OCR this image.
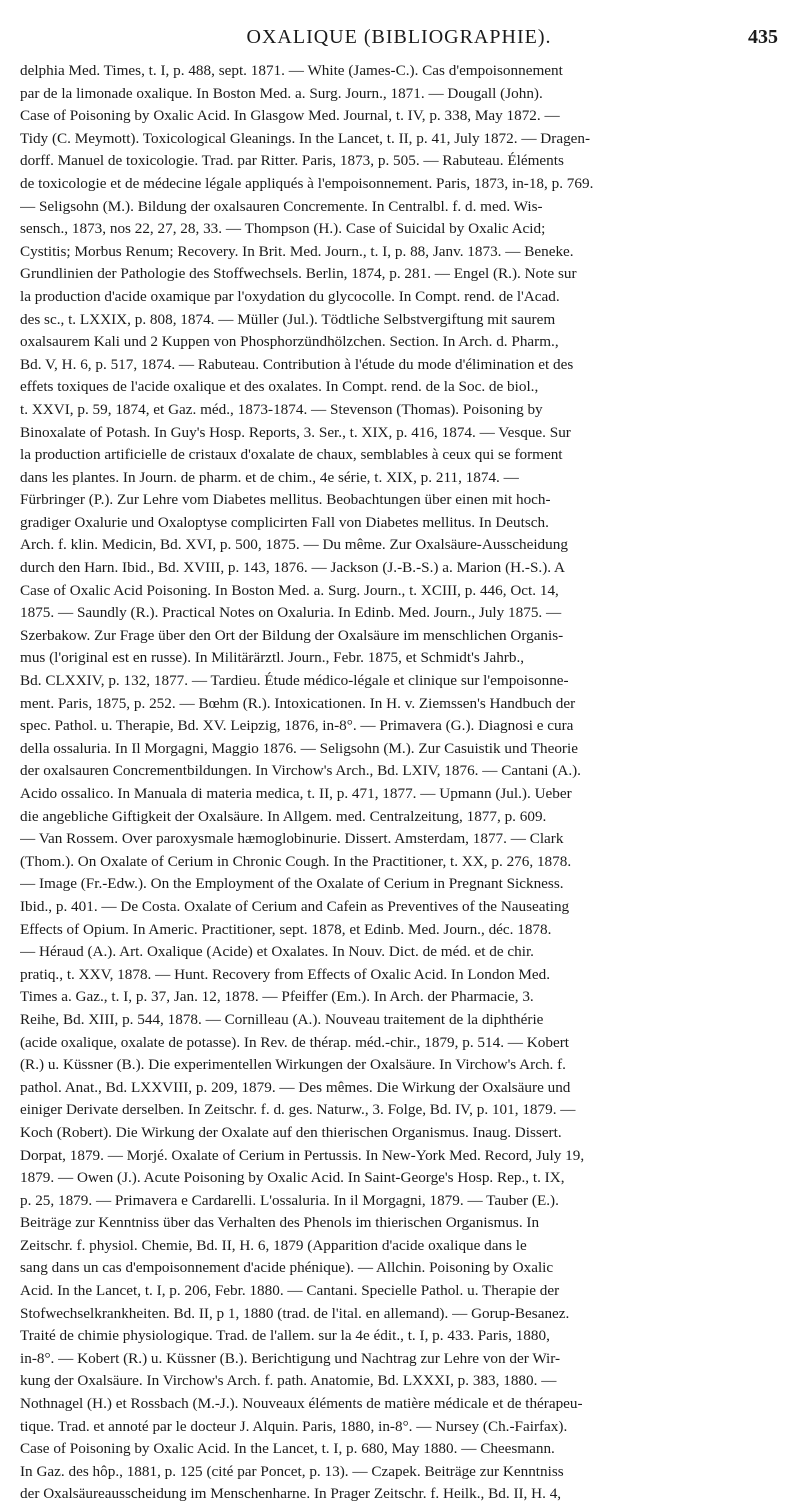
OXALIQUE (BIBLIOGRAPHIE).	435
delphia Med. Times, t. I, p. 488, sept. 1871. — White (James-C.). Cas d'empoisonnement
par de la limonade oxalique. In Boston Med. a. Surg. Journ., 1871. — Dougall (John).
Case of Poisoning by Oxalic Acid. In Glasgow Med. Journal, t. IV, p. 338, May 1872. —
Tidy (C. Meymott). Toxicological Gleanings. In the Lancet, t. II, p. 41, July 1872. — Dragen-
dorff. Manuel de toxicologie. Trad. par Ritter. Paris, 1873, p. 505. — Rabuteau. Éléments
de toxicologie et de médecine légale appliqués à l'empoisonnement. Paris, 1873, in-18, p. 769.
— Seligsohn (M.). Bildung der oxalsauren Concremente. In Centralbl. f. d. med. Wis-
sensch., 1873, nos 22, 27, 28, 33. — Thompson (H.). Case of Suicidal by Oxalic Acid;
Cystitis; Morbus Renum; Recovery. In Brit. Med. Journ., t. I, p. 88, Janv. 1873. — Beneke.
Grundlinien der Pathologie des Stoffwechsels. Berlin, 1874, p. 281. — Engel (R.). Note sur
la production d'acide oxamique par l'oxydation du glycocolle. In Compt. rend. de l'Acad.
des sc., t. LXXIX, p. 808, 1874. — Müller (Jul.). Tödtliche Selbstvergiftung mit saurem
oxalsaurem Kali und 2 Kuppen von Phosphorzündhölzchen. Section. In Arch. d. Pharm.,
Bd. V, H. 6, p. 517, 1874. — Rabuteau. Contribution à l'étude du mode d'élimination et des
effets toxiques de l'acide oxalique et des oxalates. In Compt. rend. de la Soc. de biol.,
t. XXVI, p. 59, 1874, et Gaz. méd., 1873-1874. — Stevenson (Thomas). Poisoning by
Binoxalate of Potash. In Guy's Hosp. Reports, 3. Ser., t. XIX, p. 416, 1874. — Vesque. Sur
la production artificielle de cristaux d'oxalate de chaux, semblables à ceux qui se forment
dans les plantes. In Journ. de pharm. et de chim., 4e série, t. XIX, p. 211, 1874. —
Fürbringer (P.). Zur Lehre vom Diabetes mellitus. Beobachtungen über einen mit hoch-
gradiger Oxalurie und Oxaloptyse complicirten Fall von Diabetes mellitus. In Deutsch.
Arch. f. klin. Medicin, Bd. XVI, p. 500, 1875. — Du même. Zur Oxalsäure-Ausscheidung
durch den Harn. Ibid., Bd. XVIII, p. 143, 1876. — Jackson (J.-B.-S.) a. Marion (H.-S.). A
Case of Oxalic Acid Poisoning. In Boston Med. a. Surg. Journ., t. XCIII, p. 446, Oct. 14,
1875. — Saundly (R.). Practical Notes on Oxaluria. In Edinb. Med. Journ., July 1875. —
Szerbakow. Zur Frage über den Ort der Bildung der Oxalsäure im menschlichen Organis-
mus (l'original est en russe). In Militärärztl. Journ., Febr. 1875, et Schmidt's Jahrb.,
Bd. CLXXIV, p. 132, 1877. — Tardieu. Étude médico-légale et clinique sur l'empoisonne-
ment. Paris, 1875, p. 252. — Bœhm (R.). Intoxicationen. In H. v. Ziemssen's Handbuch der
spec. Pathol. u. Therapie, Bd. XV. Leipzig, 1876, in-8°. — Primavera (G.). Diagnosi e cura
della ossaluria. In Il Morgagni, Maggio 1876. — Seligsohn (M.). Zur Casuistik und Theorie
der oxalsauren Concrementbildungen. In Virchow's Arch., Bd. LXIV, 1876. — Cantani (A.).
Acido ossalico. In Manuala di materia medica, t. II, p. 471, 1877. — Upmann (Jul.). Ueber
die angebliche Giftigkeit der Oxalsäure. In Allgem. med. Centralzeitung, 1877, p. 609.
— Van Rossem. Over paroxysmale hæmoglobinurie. Dissert. Amsterdam, 1877. — Clark
(Thom.). On Oxalate of Cerium in Chronic Cough. In the Practitioner, t. XX, p. 276, 1878.
— Image (Fr.-Edw.). On the Employment of the Oxalate of Cerium in Pregnant Sickness.
Ibid., p. 401. — De Costa. Oxalate of Cerium and Cafein as Preventives of the Nauseating
Effects of Opium. In Americ. Practitioner, sept. 1878, et Edinb. Med. Journ., déc. 1878.
— Héraud (A.). Art. Oxalique (Acide) et Oxalates. In Nouv. Dict. de méd. et de chir.
pratiq., t. XXV, 1878. — Hunt. Recovery from Effects of Oxalic Acid. In London Med.
Times a. Gaz., t. I, p. 37, Jan. 12, 1878. — Pfeiffer (Em.). In Arch. der Pharmacie, 3.
Reihe, Bd. XIII, p. 544, 1878. — Cornilleau (A.). Nouveau traitement de la diphthérie
(acide oxalique, oxalate de potasse). In Rev. de thérap. méd.-chir., 1879, p. 514. — Kobert
(R.) u. Küssner (B.). Die experimentellen Wirkungen der Oxalsäure. In Virchow's Arch. f.
pathol. Anat., Bd. LXXVIII, p. 209, 1879. — Des mêmes. Die Wirkung der Oxalsäure und
einiger Derivate derselben. In Zeitschr. f. d. ges. Naturw., 3. Folge, Bd. IV, p. 101, 1879. —
Koch (Robert). Die Wirkung der Oxalate auf den thierischen Organismus. Inaug. Dissert.
Dorpat, 1879. — Morjé. Oxalate of Cerium in Pertussis. In New-York Med. Record, July 19,
1879. — Owen (J.). Acute Poisoning by Oxalic Acid. In Saint-George's Hosp. Rep., t. IX,
p. 25, 1879. — Primavera e Cardarelli. L'ossaluria. In il Morgagni, 1879. — Tauber (E.).
Beiträge zur Kenntniss über das Verhalten des Phenols im thierischen Organismus. In
Zeitschr. f. physiol. Chemie, Bd. II, H. 6, 1879 (Apparition d'acide oxalique dans le
sang dans un cas d'empoisonnement d'acide phénique). — Allchin. Poisoning by Oxalic
Acid. In the Lancet, t. I, p. 206, Febr. 1880. — Cantani. Specielle Pathol. u. Therapie der
Stofwechselkrankheiten. Bd. II, p 1, 1880 (trad. de l'ital. en allemand). — Gorup-Besanez.
Traité de chimie physiologique. Trad. de l'allem. sur la 4e édit., t. I, p. 433. Paris, 1880,
in-8°. — Kobert (R.) u. Küssner (B.). Berichtigung und Nachtrag zur Lehre von der Wir-
kung der Oxalsäure. In Virchow's Arch. f. path. Anatomie, Bd. LXXXI, p. 383, 1880. —
Nothnagel (H.) et Rossbach (M.-J.). Nouveaux éléments de matière médicale et de thérapeu-
tique. Trad. et annoté par le docteur J. Alquin. Paris, 1880, in-8°. — Nursey (Ch.-Fairfax).
Case of Poisoning by Oxalic Acid. In the Lancet, t. I, p. 680, May 1880. — Cheesmann.
In Gaz. des hôp., 1881, p. 125 (cité par Poncet, p. 13). — Czapek. Beiträge zur Kenntniss
der Oxalsäureausscheidung im Menschenharne. In Prager Zeitschr. f. Heilk., Bd. II, H. 4,
